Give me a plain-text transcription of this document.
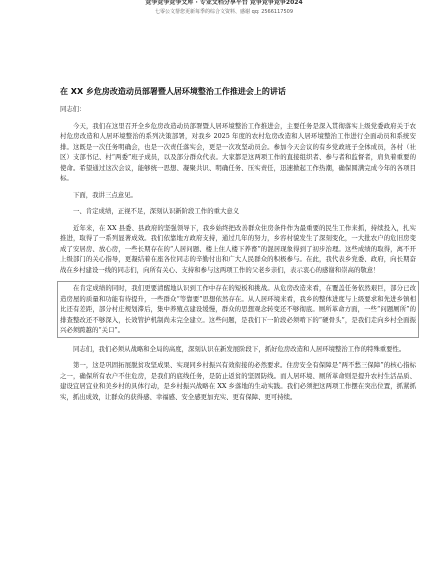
竞争竞争竞争文库 · 专业文档分享平台 竞争竞争竞争2024
七零公文帮您更新每季的综合文资料、感谢 qq: 2566117509
在 XX 乡危房改造动员部署暨人居环境整治工作推进会上的讲话

同志们：

今天，我们在这里召开全乡危房改造动员部署暨人居环境整治工作推进会，主要任务是深入贯彻落实上级党委政府关于农村危房改造和人居环境整治的系列决策部署，对我乡 2025 年度的农村危房改造和人居环境整治工作进行全面动员和系统安排。这既是一次任务明确会，也是一次责任落实会，更是一次攻坚动员会。参加今天会议的有乡党政班子全体成员，各村（社区）支部书记、村“两委”班子成员，以及部分群众代表。大家都是这两项工作的直接组织者、参与者和监督者，肩负着重要的使命。希望通过这次会议，能够统一思想、凝聚共识、明确任务、压实责任，迅速掀起工作热潮，确保圆满完成今年的各项目标。

下面，我讲三点意见。

一、肯定成绩，正视不足，深刻认识新阶段工作的重大意义

近年来，在 XX 县委、县政府的坚强领导下，我乡始终把改善群众住房条件作为最重要的民生工作来抓，持续投入，扎实推进，取得了一系列显著成效。我们依靠地方政府支持，通过几年的努力，乡容村貌发生了深刻变化，一大批农户的危旧房变成了安居房、放心房，一些长期存在的“人居问题、楼上住人楼下养畜”的混居现象得到了初步治理。这些成绩的取得，离不开上级部门的关心指导，更凝结着在座各位同志的辛勤付出和广大人民群众的积极参与。在此，我代表乡党委、政府，向长期奋战在乡村建设一线的同志们，向所有关心、支持和参与这两项工作的父老乡亲们，表示衷心的感谢和崇高的敬意！

在肯定成绩的同时，我们更要清醒地认识到工作中存在的短板和挑战。从危房改造来看，在覆盖任务依然艰巨，部分已改造房屋的质量和功能有待提升，一些群众“等靠要”思想依然存在。从人居环境来看，我乡的整体进度与上级要求和先进乡镇相比还有差距，部分村庄规划滞后，集中养殖点建设缓慢，群众的思想观念转变还不够彻底。厕所革命方面，一些“问题厕所”的排查整改还不够深入，长效管护机制尚未完全建立。这些问题，是我们下一阶段必须啃下的“硬骨头”，是我们走向乡村全面振兴必须跨越的“关口”。

同志们，我们必须从战略和全局的高度，深刻认识在新发展阶段下，抓好危房改造和人居环境整治工作的特殊重要性。

第一，这是巩固拓展脱贫攻坚成果、实现同乡村振兴有效衔接的必然要求。住房安全有保障是“两不愁三保障”的核心指标之一，确保所有农户不住危房，是我们的底线任务，是防止返贫的坚固防线。而人居环境、厕所革命则是提升农村生活品质、建设宜居宜业和美乡村的具体行动，是乡村振兴战略在 XX 乡落地的生动实践。我们必须把这两项工作摆在突出位置，抓紧抓实，抓出成效，让群众的获得感、幸福感、安全感更加充实、更有保障、更可持续。
